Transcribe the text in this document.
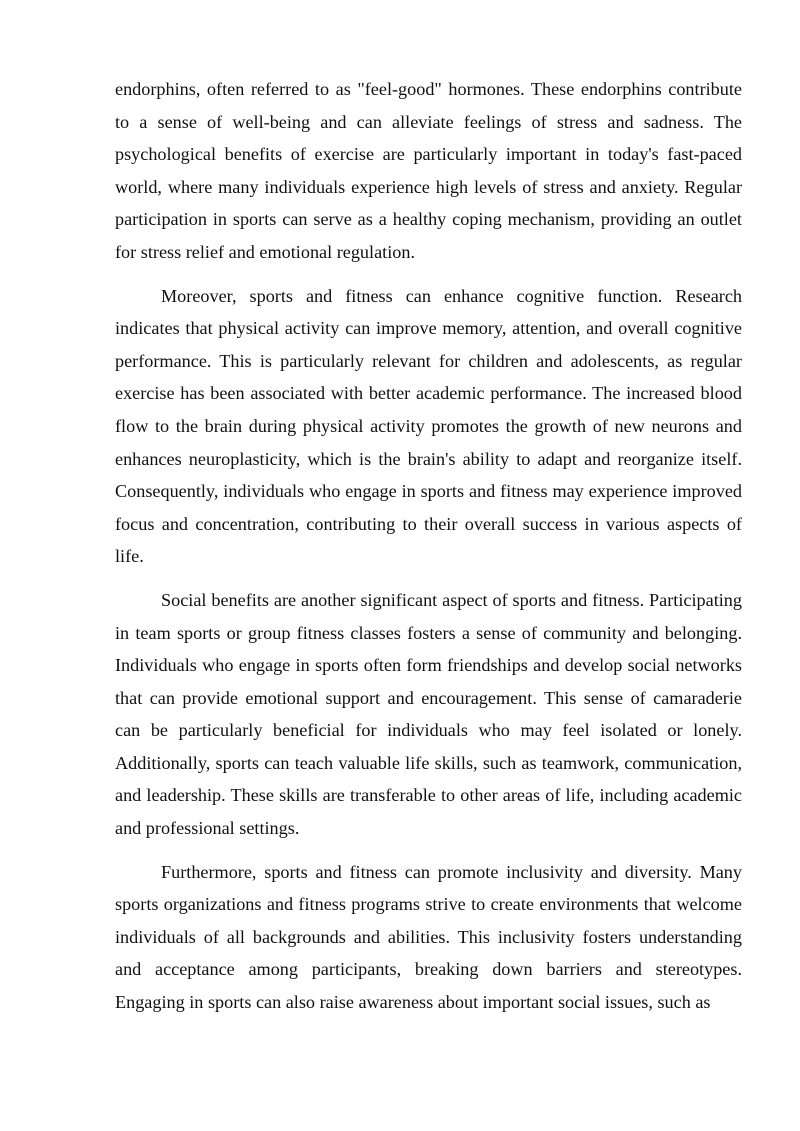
endorphins, often referred to as "feel-good" hormones. These endorphins contribute to a sense of well-being and can alleviate feelings of stress and sadness. The psychological benefits of exercise are particularly important in today's fast-paced world, where many individuals experience high levels of stress and anxiety. Regular participation in sports can serve as a healthy coping mechanism, providing an outlet for stress relief and emotional regulation.

Moreover, sports and fitness can enhance cognitive function. Research indicates that physical activity can improve memory, attention, and overall cognitive performance. This is particularly relevant for children and adolescents, as regular exercise has been associated with better academic performance. The increased blood flow to the brain during physical activity promotes the growth of new neurons and enhances neuroplasticity, which is the brain's ability to adapt and reorganize itself. Consequently, individuals who engage in sports and fitness may experience improved focus and concentration, contributing to their overall success in various aspects of life.

Social benefits are another significant aspect of sports and fitness. Participating in team sports or group fitness classes fosters a sense of community and belonging. Individuals who engage in sports often form friendships and develop social networks that can provide emotional support and encouragement. This sense of camaraderie can be particularly beneficial for individuals who may feel isolated or lonely. Additionally, sports can teach valuable life skills, such as teamwork, communication, and leadership. These skills are transferable to other areas of life, including academic and professional settings.

Furthermore, sports and fitness can promote inclusivity and diversity. Many sports organizations and fitness programs strive to create environments that welcome individuals of all backgrounds and abilities. This inclusivity fosters understanding and acceptance among participants, breaking down barriers and stereotypes. Engaging in sports can also raise awareness about important social issues, such as
